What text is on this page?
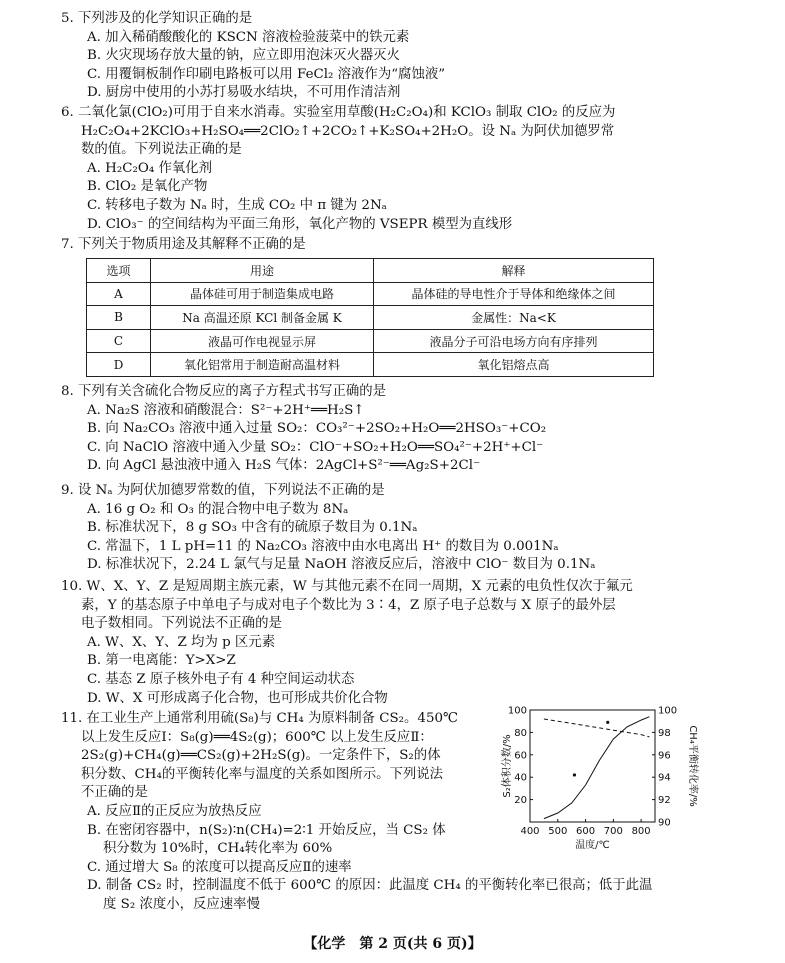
5. 下列涉及的化学知识正确的是

A. 加入稀硝酸酸化的 KSCN 溶液检验菠菜中的铁元素

B. 火灾现场存放大量的钠，应立即用泡沫灭火器灭火

C. 用覆铜板制作印刷电路板可以用 FeCl₂ 溶液作为“腐蚀液”

D. 厨房中使用的小苏打易吸水结块，不可用作清洁剂

6. 二氧化氯(ClO₂)可用于自来水消毒。实验室用草酸(H₂C₂O₄)和 KClO₃ 制取 ClO₂ 的反应为

H₂C₂O₄+2KClO₃+H₂SO₄══2ClO₂↑+2CO₂↑+K₂SO₄+2H₂O。设 Nₐ 为阿伏加德罗常

数的值。下列说法正确的是

A. H₂C₂O₄ 作氧化剂

B. ClO₂ 是氧化产物

C. 转移电子数为 Nₐ 时，生成 CO₂ 中 π 键为 2Nₐ

D. ClO₃⁻ 的空间结构为平面三角形，氧化产物的 VSEPR 模型为直线形

7. 下列关于物质用途及其解释不正确的是

选项	用途	解释
A	晶体硅可用于制造集成电路	晶体硅的导电性介于导体和绝缘体之间
B	Na 高温还原 KCl 制备金属 K	金属性：Na<K
C	液晶可作电视显示屏	液晶分子可沿电场方向有序排列
D	氧化铝常用于制造耐高温材料	氧化铝熔点高

8. 下列有关含硫化合物反应的离子方程式书写正确的是

A. Na₂S 溶液和硝酸混合：S²⁻+2H⁺══H₂S↑

B. 向 Na₂CO₃ 溶液中通入过量 SO₂：CO₃²⁻+2SO₂+H₂O══2HSO₃⁻+CO₂

C. 向 NaClO 溶液中通入少量 SO₂：ClO⁻+SO₂+H₂O══SO₄²⁻+2H⁺+Cl⁻

D. 向 AgCl 悬浊液中通入 H₂S 气体：2AgCl+S²⁻══Ag₂S+2Cl⁻

9. 设 Nₐ 为阿伏加德罗常数的值，下列说法不正确的是

A. 16 g O₂ 和 O₃ 的混合物中电子数为 8Nₐ

B. 标准状况下，8 g SO₃ 中含有的硫原子数目为 0.1Nₐ

C. 常温下，1 L pH=11 的 Na₂CO₃ 溶液中由水电离出 H⁺ 的数目为 0.001Nₐ

D. 标准状况下，2.24 L 氯气与足量 NaOH 溶液反应后，溶液中 ClO⁻ 数目为 0.1Nₐ

10. W、X、Y、Z 是短周期主族元素，W 与其他元素不在同一周期，X 元素的电负性仅次于氟元

素，Y 的基态原子中单电子与成对电子个数比为 3∶4，Z 原子电子总数与 X 原子的最外层

电子数相同。下列说法不正确的是

A. W、X、Y、Z 均为 p 区元素

B. 第一电离能：Y>X>Z

C. 基态 Z 原子核外电子有 4 种空间运动状态

D. W、X 可形成离子化合物，也可形成共价化合物

11. 在工业生产上通常利用硫(S₈)与 CH₄ 为原料制备 CS₂。450℃

以上发生反应Ⅰ：S₈(g)══4S₂(g)；600℃ 以上发生反应Ⅱ：

2S₂(g)+CH₄(g)══CS₂(g)+2H₂S(g)。一定条件下，S₂的体

积分数、CH₄的平衡转化率与温度的关系如图所示。下列说法

不正确的是

A. 反应Ⅱ的正反应为放热反应

B. 在密闭容器中，n(S₂)∶n(CH₄)=2∶1 开始反应，当 CS₂ 体

积分数为 10%时，CH₄转化率为 60%

C. 通过增大 S₈ 的浓度可以提高反应Ⅱ的速率

D. 制备 CS₂ 时，控制温度不低于 600℃ 的原因：此温度 CH₄ 的平衡转化率已很高；低于此温

度 S₂ 浓度小，反应速率慢

400 500 600 700 800
20
40
60
80
100
90
92
94
96
98
100
温度/℃
S₂体积分数/%	CH₄平衡转化率/%
【化学　第 2 页(共 6 页)】
